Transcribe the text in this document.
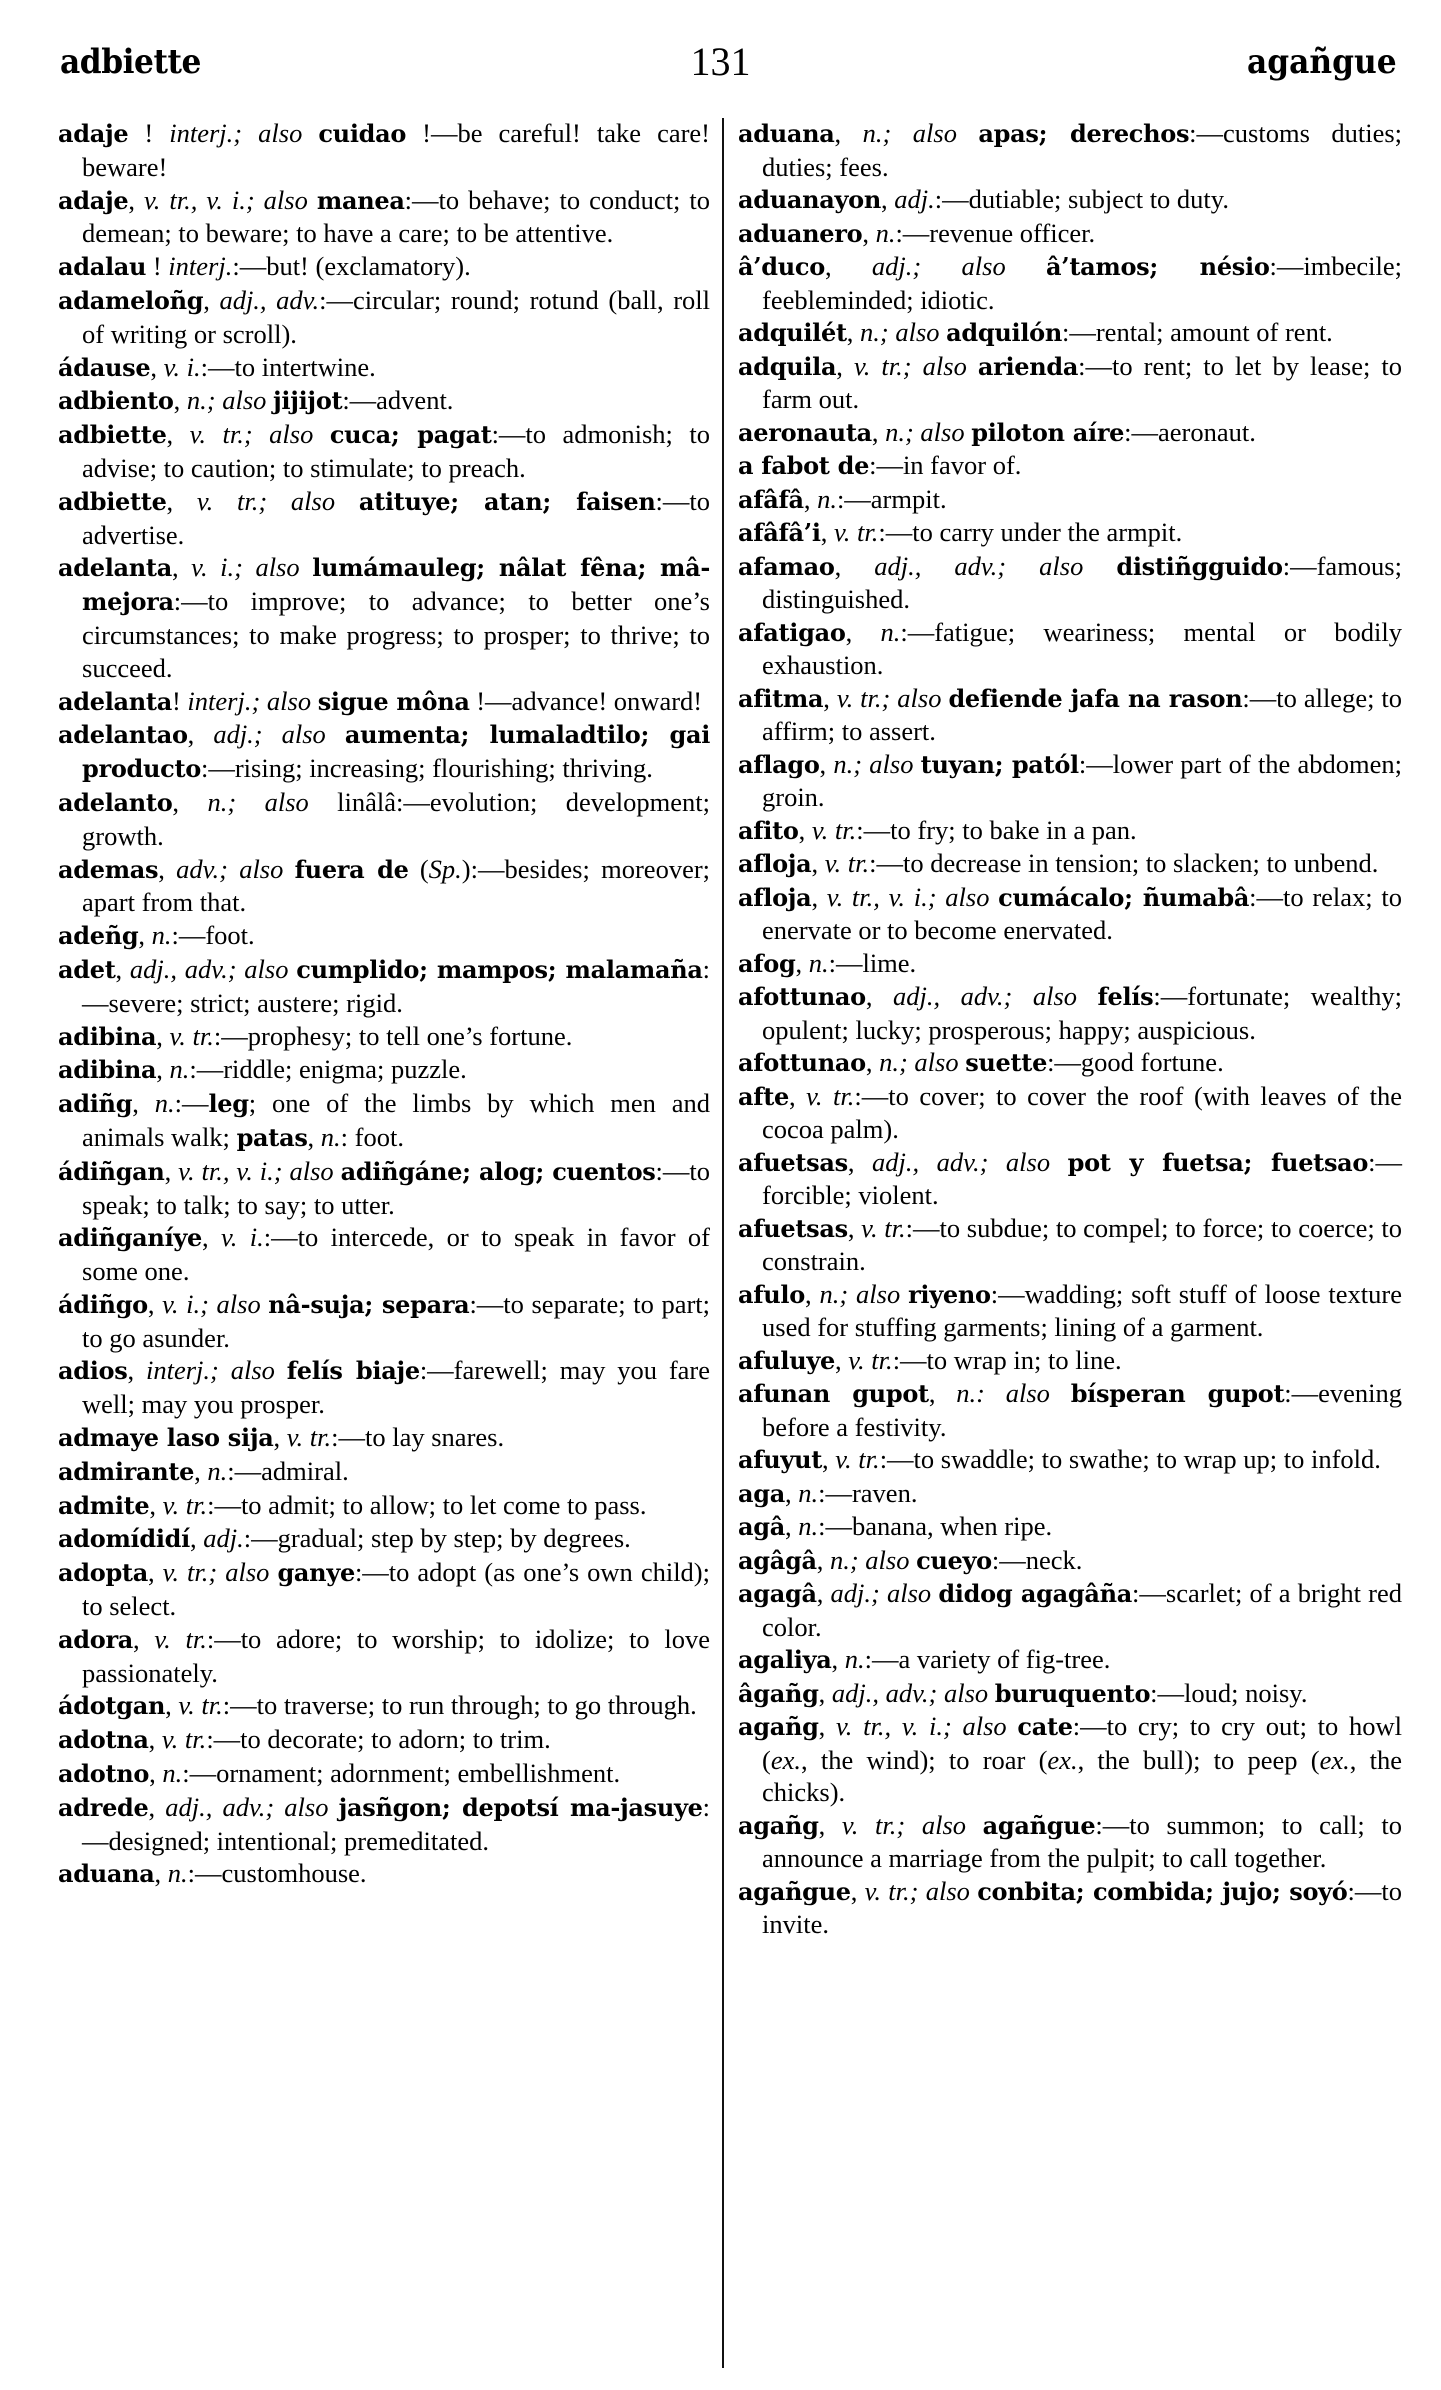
adbiette	131	agañgue

adaje ! interj.; also cuidao !—be careful! take care! beware!

adaje, v. tr., v. i.; also manea:—to behave; to conduct; to demean; to beware; to have a care; to be attentive.

adalau ! interj.:—but! (exclamatory).

adameloñg, adj., adv.:—circular; round; rotund (ball, roll of writing or scroll).

ádause, v. i.:—to intertwine.

adbiento, n.; also jijijot:—advent.

adbiette, v. tr.; also cuca; pagat:—to admonish; to advise; to caution; to stimulate; to preach.

adbiette, v. tr.; also atituye; atan; faisen:—to advertise.

adelanta, v. i.; also lumámauleg; nâlat fêna; mâ-mejora:—to improve; to advance; to better one’s circumstances; to make progress; to prosper; to thrive; to succeed.

adelanta! interj.; also sigue mônа !—advance! onward!

adelantao, adj.; also aumenta; lumaladtilo; gai producto:—rising; increasing; flourishing; thriving.

adelanto, n.; also linâlâ:—evolution; development; growth.

ademas, adv.; also fuera de (Sp.):—besides; moreover; apart from that.

adeñg, n.:—foot.

adet, adj., adv.; also cumplido; mampos; malamaña:—severe; strict; austere; rigid.

adibina, v. tr.:—prophesy; to tell one’s fortune.

adibina, n.:—riddle; enigma; puzzle.

adiñg, n.:—leg; one of the limbs by which men and animals walk; patas, n.: foot.

ádiñgan, v. tr., v. i.; also adiñgáne; alog; cuentos:—to speak; to talk; to say; to utter.

adiñganíye, v. i.:—to intercede, or to speak in favor of some one.

ádiñgo, v. i.; also nâ-suja; separa:—to separate; to part; to go asunder.

adios, interj.; also felís biaje:—farewell; may you fare well; may you prosper.

admaye laso sija, v. tr.:—to lay snares.

admirante, n.:—admiral.

admite, v. tr.:—to admit; to allow; to let come to pass.

adomídidí, adj.:—gradual; step by step; by degrees.

adopta, v. tr.; also ganye:—to adopt (as one’s own child); to select.

adora, v. tr.:—to adore; to worship; to idolize; to love passionately.

ádotgan, v. tr.:—to traverse; to run through; to go through.

adotna, v. tr.:—to decorate; to adorn; to trim.

adotno, n.:—ornament; adornment; embellishment.

adrede, adj., adv.; also jasñgon; depotsí ma-jasuye:—designed; intentional; premeditated.

aduana, n.:—customhouse.

aduana, n.; also apas; derechos:—customs duties; duties; fees.

aduanayon, adj.:—dutiable; subject to duty.

aduanero, n.:—revenue officer.

â’duco, adj.; also â’tamos; nésio:—imbecile; feebleminded; idiotic.

adquilét, n.; also adquilón:—rental; amount of rent.

adquila, v. tr.; also arienda:—to rent; to let by lease; to farm out.

aeronauta, n.; also piloton aíre:—aeronaut.

a fabot de:—in favor of.

afâfâ, n.:—armpit.

afâfâ’i, v. tr.:—to carry under the armpit.

afamao, adj., adv.; also distiñgguido:—famous; distinguished.

afatigao, n.:—fatigue; weariness; mental or bodily exhaustion.

afitma, v. tr.; also defiende jafa na rason:—to allege; to affirm; to assert.

aflago, n.; also tuyan; patól:—lower part of the abdomen; groin.

afito, v. tr.:—to fry; to bake in a pan.

afloja, v. tr.:—to decrease in tension; to slacken; to unbend.

afloja, v. tr., v. i.; also cumácalo; ñumabâ:—to relax; to enervate or to become enervated.

afog, n.:—lime.

afottunao, adj., adv.; also felís:—fortunate; wealthy; opulent; lucky; prosperous; happy; auspicious.

afottunao, n.; also suette:—good fortune.

afte, v. tr.:—to cover; to cover the roof (with leaves of the cocoa palm).

afuetsas, adj., adv.; also pot y fuetsa; fuetsao:—forcible; violent.

afuetsas, v. tr.:—to subdue; to compel; to force; to coerce; to constrain.

afulo, n.; also riyeno:—wadding; soft stuff of loose texture used for stuffing garments; lining of a garment.

afuluye, v. tr.:—to wrap in; to line.

afunan gupot, n.: also bísperan gupot:—evening before a festivity.

afuyut, v. tr.:—to swaddle; to swathe; to wrap up; to infold.

aga, n.:—raven.

agâ, n.:—banana, when ripe.

agâgâ, n.; also cueyo:—neck.

agagâ, adj.; also didog agagâña:—scarlet; of a bright red color.

agaliya, n.:—a variety of fig-tree.

âgañg, adj., adv.; also buruquento:—loud; noisy.

agañg, v. tr., v. i.; also cate:—to cry; to cry out; to howl (ex., the wind); to roar (ex., the bull); to peep (ex., the chicks).

agañg, v. tr.; also agañgue:—to summon; to call; to announce a marriage from the pulpit; to call together.

agañgue, v. tr.; also conbita; combida; jujo; soyó:—to invite.
